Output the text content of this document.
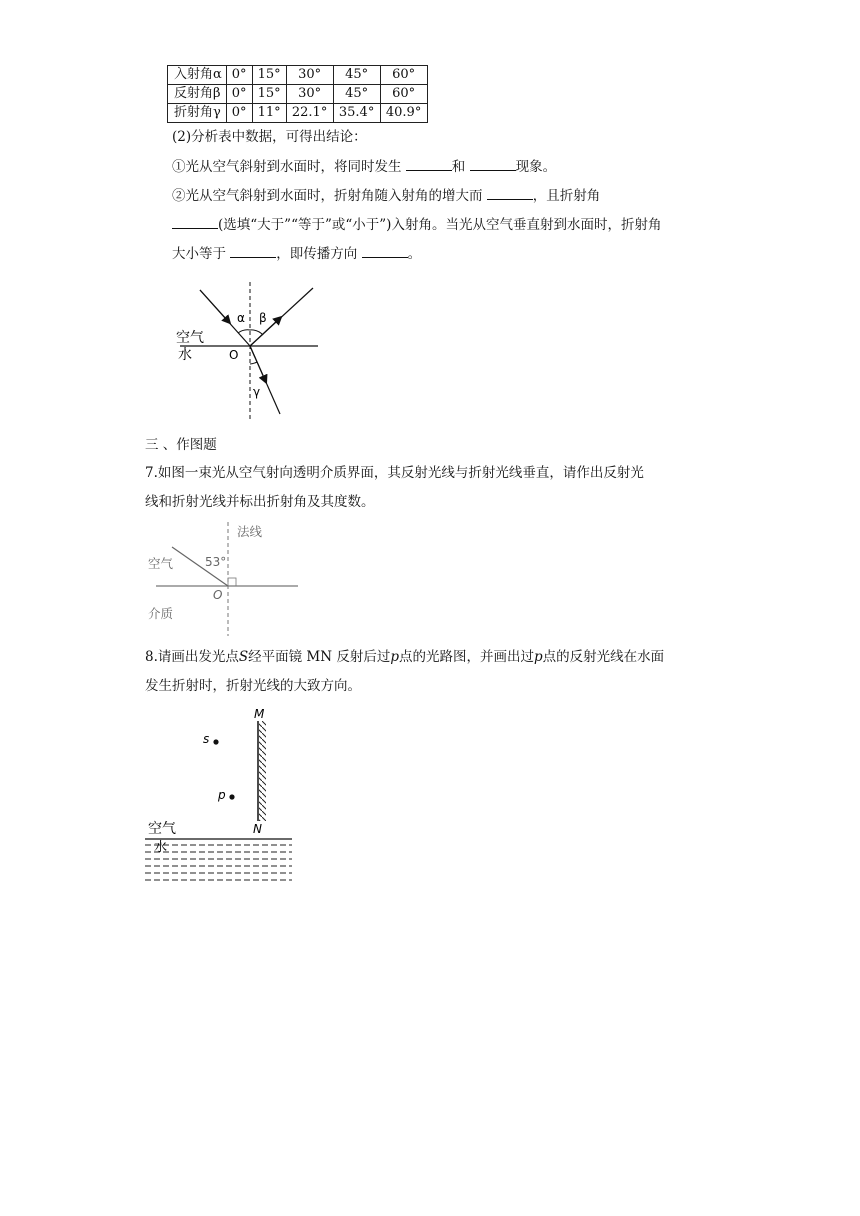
入射角α	0°	15°	30°	45°	60°
反射角β	0°	15°	30°	45°	60°
折射角γ	0°	11°	22.1°	35.4°	40.9°
(2)分析表中数据，可得出结论：
①光从空气斜射到水面时，将同时发生	和	现象。
②光从空气斜射到水面时，折射角随入射角的增大而	，且折射角
(选填“大于”“等于”或“小于”)入射角。当光从空气垂直射到水面时，折射角
大小等于	，即传播方向	。
α β
γ
O
空气
水
三 、作图题
7.如图一束光从空气射向透明介质界面，其反射光线与折射光线垂直，请作出反射光
线和折射光线并标出折射角及其度数。
法线
53°
空气
介质
O
8.请画出发光点S经平面镜 MN 反射后过p点的光路图，并画出过p点的反射光线在水面
发生折射时，折射光线的大致方向。
M
N
s
p
空气
水
